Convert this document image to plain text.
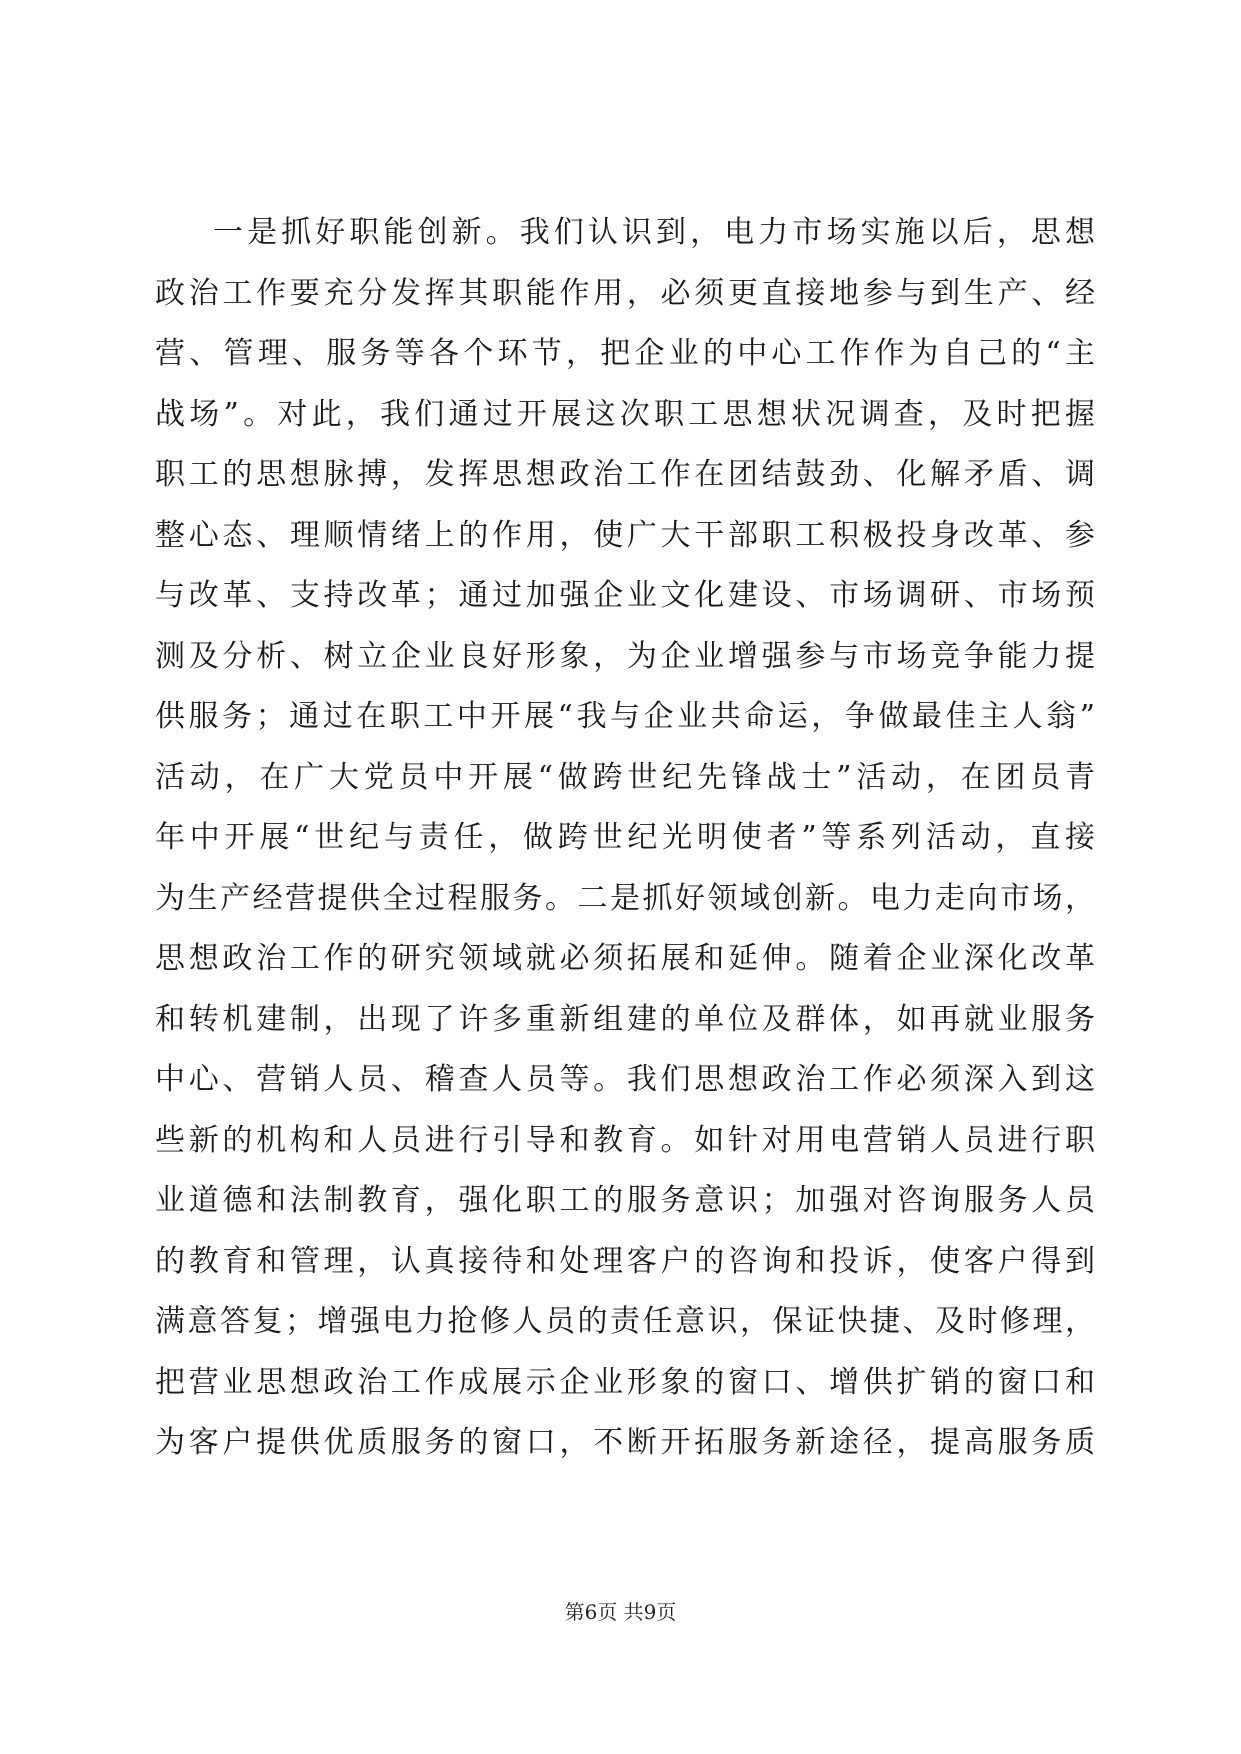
一是抓好职能创新。我们认识到，电力市场实施以后，思想
政治工作要充分发挥其职能作用，必须更直接地参与到生产、经
营、管理、服务等各个环节，把企业的中心工作作为自己的“主
战场”。对此，我们通过开展这次职工思想状况调查，及时把握
职工的思想脉搏，发挥思想政治工作在团结鼓劲、化解矛盾、调
整心态、理顺情绪上的作用，使广大干部职工积极投身改革、参
与改革、支持改革；通过加强企业文化建设、市场调研、市场预
测及分析、树立企业良好形象，为企业增强参与市场竞争能力提
供服务；通过在职工中开展“我与企业共命运，争做最佳主人翁”
活动，在广大党员中开展“做跨世纪先锋战士”活动，在团员青
年中开展“世纪与责任，做跨世纪光明使者”等系列活动，直接
为生产经营提供全过程服务。二是抓好领域创新。电力走向市场，
思想政治工作的研究领域就必须拓展和延伸。随着企业深化改革
和转机建制，出现了许多重新组建的单位及群体，如再就业服务
中心、营销人员、稽查人员等。我们思想政治工作必须深入到这
些新的机构和人员进行引导和教育。如针对用电营销人员进行职
业道德和法制教育，强化职工的服务意识；加强对咨询服务人员
的教育和管理，认真接待和处理客户的咨询和投诉，使客户得到
满意答复；增强电力抢修人员的责任意识，保证快捷、及时修理，
把营业思想政治工作成展示企业形象的窗口、增供扩销的窗口和
为客户提供优质服务的窗口，不断开拓服务新途径，提高服务质
第6页 共9页
